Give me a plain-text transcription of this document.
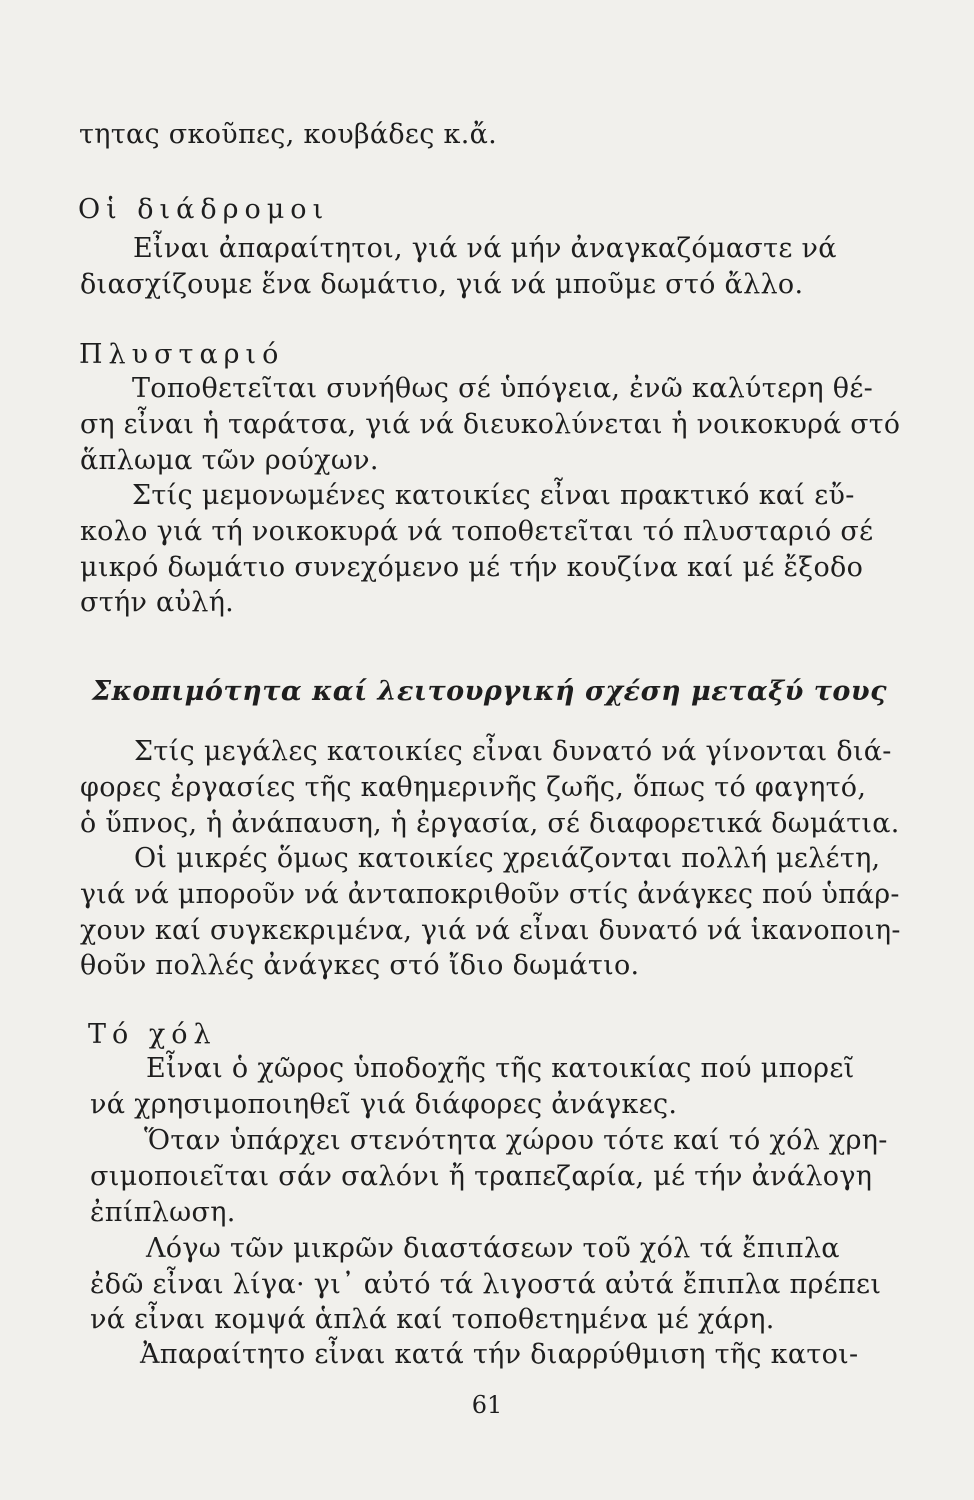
τητας σκοῦπες, κουβάδες κ.ἄ.
Οἱ διάδρομοι
Εἶναι ἀπαραίτητοι, γιά νά μήν ἀναγκαζόμαστε νά
διασχίζουμε ἕνα δωμάτιο, γιά νά μποῦμε στό ἄλλο.
Πλυσταριό
Τοποθετεῖται συνήθως σέ ὑπόγεια, ἐνῶ καλύτερη θέ-
ση εἶναι ἡ ταράτσα, γιά νά διευκολύνεται ἡ νοικοκυρά στό
ἅπλωμα τῶν ρούχων.
Στίς μεμονωμένες κατοικίες εἶναι πρακτικό καί εὔ-
κολο γιά τή νοικοκυρά νά τοποθετεῖται τό πλυσταριό σέ
μικρό δωμάτιο συνεχόμενο μέ τήν κουζίνα καί μέ ἔξοδο
στήν αὐλή.
Σκοπιμότητα καί λειτουργική σχέση μεταξύ τους
Στίς μεγάλες κατοικίες εἶναι δυνατό νά γίνονται διά-
φορες ἐργασίες τῆς καθημερινῆς ζωῆς, ὅπως τό φαγητό,
ὁ ὕπνος, ἡ ἀνάπαυση, ἡ ἐργασία, σέ διαφορετικά δωμάτια.
Οἱ μικρές ὅμως κατοικίες χρειάζονται πολλή μελέτη,
γιά νά μποροῦν νά ἀνταποκριθοῦν στίς ἀνάγκες πού ὑπάρ-
χουν καί συγκεκριμένα, γιά νά εἶναι δυνατό νά ἱκανοποιη-
θοῦν πολλές ἀνάγκες στό ἴδιο δωμάτιο.
Τό χόλ
Εἶναι ὁ χῶρος ὑποδοχῆς τῆς κατοικίας πού μπορεῖ
νά χρησιμοποιηθεῖ γιά διάφορες ἀνάγκες.
Ὅταν ὑπάρχει στενότητα χώρου τότε καί τό χόλ χρη-
σιμοποιεῖται σάν σαλόνι ἤ τραπεζαρία, μέ τήν ἀνάλογη
ἐπίπλωση.
Λόγω τῶν μικρῶν διαστάσεων τοῦ χόλ τά ἔπιπλα
ἐδῶ εἶναι λίγα· γι᾽ αὐτό τά λιγοστά αὐτά ἔπιπλα πρέπει
νά εἶναι κομψά ἁπλά καί τοποθετημένα μέ χάρη.
Ἀπαραίτητο εἶναι κατά τήν διαρρύθμιση τῆς κατοι-
61
